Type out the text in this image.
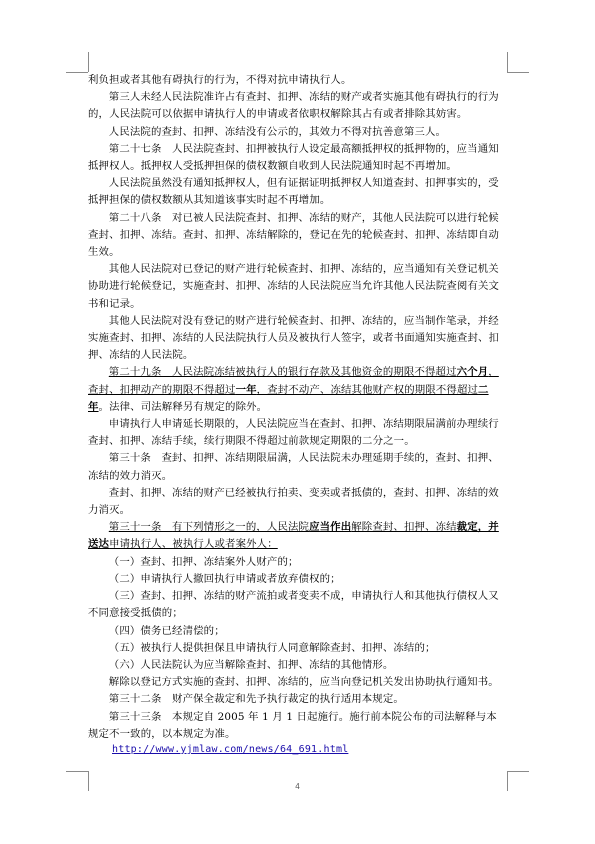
利负担或者其他有碍执行的行为，不得对抗申请执行人。

第三人未经人民法院准许占有查封、扣押、冻结的财产或者实施其他有碍执行的行为的，人民法院可以依据申请执行人的申请或者依职权解除其占有或者排除其妨害。

人民法院的查封、扣押、冻结没有公示的，其效力不得对抗善意第三人。

第二十七条　人民法院查封、扣押被执行人设定最高额抵押权的抵押物的，应当通知抵押权人。抵押权人受抵押担保的债权数额自收到人民法院通知时起不再增加。

人民法院虽然没有通知抵押权人，但有证据证明抵押权人知道查封、扣押事实的，受抵押担保的债权数额从其知道该事实时起不再增加。

第二十八条　对已被人民法院查封、扣押、冻结的财产，其他人民法院可以进行轮候查封、扣押、冻结。查封、扣押、冻结解除的，登记在先的轮候查封、扣押、冻结即自动生效。

其他人民法院对已登记的财产进行轮候查封、扣押、冻结的，应当通知有关登记机关协助进行轮候登记，实施查封、扣押、冻结的人民法院应当允许其他人民法院查阅有关文书和记录。

其他人民法院对没有登记的财产进行轮候查封、扣押、冻结的，应当制作笔录，并经实施查封、扣押、冻结的人民法院执行人员及被执行人签字，或者书面通知实施查封、扣押、冻结的人民法院。

第二十九条　人民法院冻结被执行人的银行存款及其他资金的期限不得超过六个月，查封、扣押动产的期限不得超过一年，查封不动产、冻结其他财产权的期限不得超过二年。法律、司法解释另有规定的除外。

申请执行人申请延长期限的，人民法院应当在查封、扣押、冻结期限届满前办理续行查封、扣押、冻结手续，续行期限不得超过前款规定期限的二分之一。

第三十条　查封、扣押、冻结期限届满，人民法院未办理延期手续的，查封、扣押、冻结的效力消灭。

查封、扣押、冻结的财产已经被执行拍卖、变卖或者抵债的，查封、扣押、冻结的效力消灭。

第三十一条　有下列情形之一的，人民法院应当作出解除查封、扣押、冻结裁定，并送达申请执行人、被执行人或者案外人：

（一）查封、扣押、冻结案外人财产的；

（二）申请执行人撤回执行申请或者放弃债权的；

（三）查封、扣押、冻结的财产流拍或者变卖不成，申请执行人和其他执行债权人又不同意接受抵债的；

（四）债务已经清偿的；

（五）被执行人提供担保且申请执行人同意解除查封、扣押、冻结的；

（六）人民法院认为应当解除查封、扣押、冻结的其他情形。

解除以登记方式实施的查封、扣押、冻结的，应当向登记机关发出协助执行通知书。

第三十二条　财产保全裁定和先予执行裁定的执行适用本规定。

第三十三条　本规定自 2005 年 1 月 1 日起施行。施行前本院公布的司法解释与本规定不一致的，以本规定为准。

http://www.yjmlaw.com/news/64_691.html
4
